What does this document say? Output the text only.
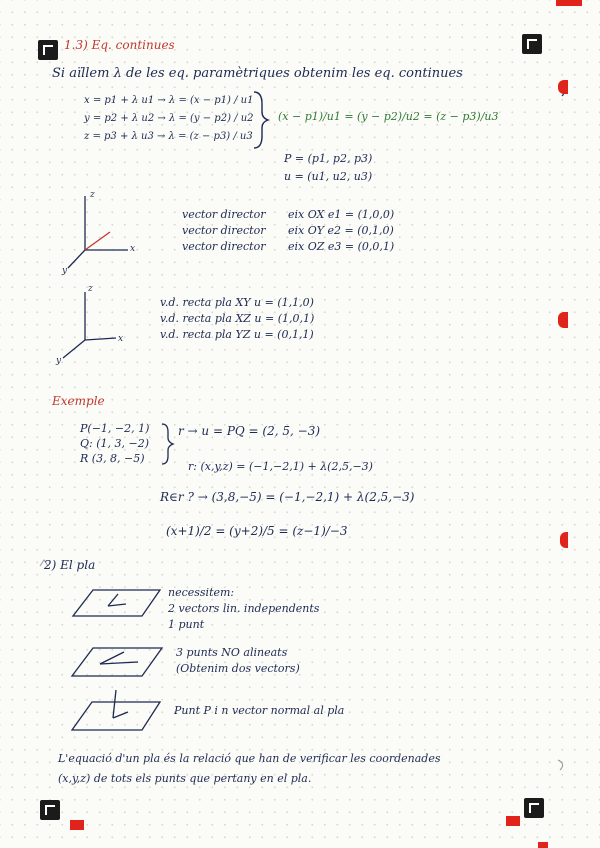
1.3) Eq. continues
Si aïllem λ de les eq. paramètriques obtenim les eq. continues
x = p1 + λ u1 → λ = (x − p1) / u1
y = p2 + λ u2 → λ = (y − p2) / u2
z = p3 + λ u3 → λ = (z − p3) / u3
(x − p1)/u1 = (y − p2)/u2 = (z − p3)/u3
P = (p1, p2, p3)
u = (u1, u2, u3)
z
y
x
vector director eix OX e1 = (1,0,0)
vector director eix OY e2 = (0,1,0)
vector director eix OZ e3 = (0,0,1)
z
y
x
v.d. recta pla XY u = (1,1,0)
v.d. recta pla XZ u = (1,0,1)
v.d. recta pla YZ u = (0,1,1)
Exemple
P(−1, −2, 1)
Q: (1, 3, −2)
R (3, 8, −5)
r → u = PQ = (2, 5, −3)
r: (x,y,z) = (−1,−2,1) + λ(2,5,−3)
R∈r ? → (3,8,−5) = (−1,−2,1) + λ(2,5,−3)
(x+1)/2 = (y+2)/5 = (z−1)/−3
2) El pla
necessitem:
2 vectors lin. independents
1 punt
3 punts NO alineats
(Obtenim dos vectors)
Punt P i n vector normal al pla
L'equació d'un pla és la relació que han de verificar les coordenades
(x,y,z) de tots els punts que pertany en el pla.
